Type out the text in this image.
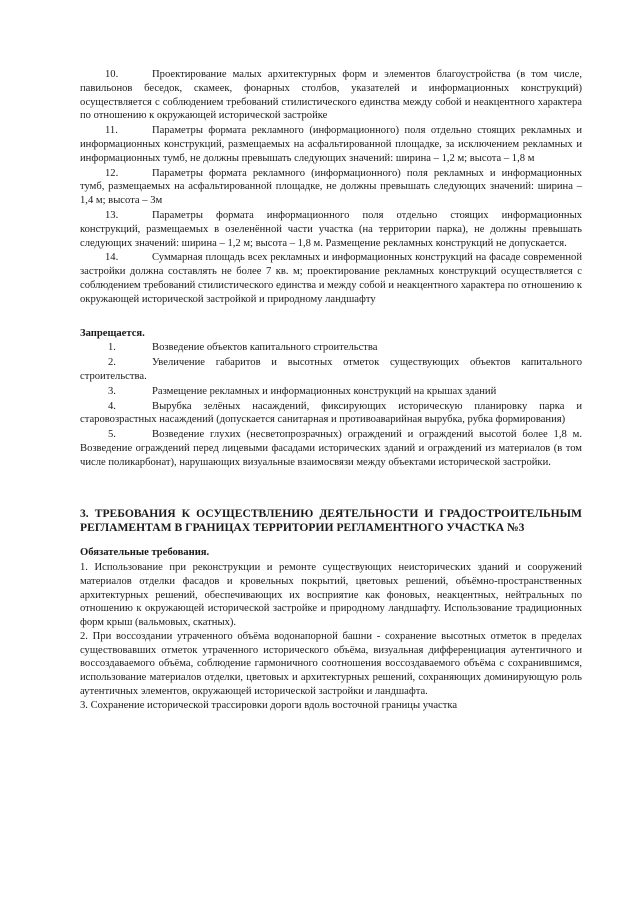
10.	Проектирование малых архитектурных форм и элементов благоустройства (в том числе, павильонов беседок, скамеек, фонарных столбов, указателей и информационных конструкций) осуществляется с соблюдением требований стилистического единства между собой и неакцентного характера по отношению к окружающей исторической застройке

11.	Параметры формата рекламного (информационного) поля отдельно стоящих рекламных и информационных конструкций, размещаемых на асфальтированной площадке, за исключением рекламных и информационных тумб, не должны превышать следующих значений: ширина – 1,2 м; высота – 1,8 м

12.	Параметры формата рекламного (информационного) поля рекламных и информационных тумб, размещаемых на асфальтированной площадке, не должны превышать следующих значений: ширина – 1,4 м; высота – 3м

13.	Параметры формата информационного поля отдельно стоящих информационных конструкций, размещаемых в озеленённой части участка (на территории парка), не должны превышать следующих значений: ширина – 1,2 м; высота – 1,8 м. Размещение рекламных конструкций не допускается.

14.	Суммарная площадь всех рекламных и информационных конструкций на фасаде современной застройки должна составлять не более 7 кв. м; проектирование рекламных конструкций осуществляется с соблюдением требований стилистического единства и между собой и неакцентного характера по отношению к окружающей исторической застройкой и природному ландшафту

Запрещается.

1.	Возведение объектов капитального строительства

2.	Увеличение габаритов и высотных отметок существующих объектов капитального строительства.

3.	Размещение рекламных и информационных конструкций на крышах зданий

4.	Вырубка зелёных насаждений, фиксирующих историческую планировку парка и старовозрастных насаждений (допускается санитарная и противоаварийная вырубка, рубка формирования)

5.	Возведение глухих (несветопрозрачных) ограждений и ограждений высотой более 1,8 м. Возведение ограждений перед лицевыми фасадами исторических зданий и ограждений из материалов (в том числе поликарбонат), нарушающих визуальные взаимосвязи между объектами исторической застройки.

3. ТРЕБОВАНИЯ К ОСУЩЕСТВЛЕНИЮ ДЕЯТЕЛЬНОСТИ И ГРАДОСТРОИТЕЛЬНЫМ РЕГЛАМЕНТАМ В ГРАНИЦАХ ТЕРРИТОРИИ РЕГЛАМЕНТНОГО УЧАСТКА №3

Обязательные требования.

1. Использование при реконструкции и ремонте существующих неисторических зданий и сооружений материалов отделки фасадов и кровельных покрытий, цветовых решений, объёмно-пространственных архитектурных решений, обеспечивающих их восприятие как фоновых, неакцентных, нейтральных по отношению к окружающей исторической застройке и природному ландшафту. Использование традиционных форм крыш (вальмовых, скатных).

2. При воссоздании утраченного объёма водонапорной башни - сохранение высотных отметок в пределах существовавших отметок утраченного исторического объёма, визуальная дифференциация аутентичного и воссоздаваемого объёма, соблюдение гармоничного соотношения воссоздаваемого объёма с сохранившимся, использование материалов отделки, цветовых и архитектурных решений, сохраняющих доминирующую роль аутентичных элементов, окружающей исторической застройки и ландшафта.

3. Сохранение исторической трассировки дороги вдоль восточной границы участка
